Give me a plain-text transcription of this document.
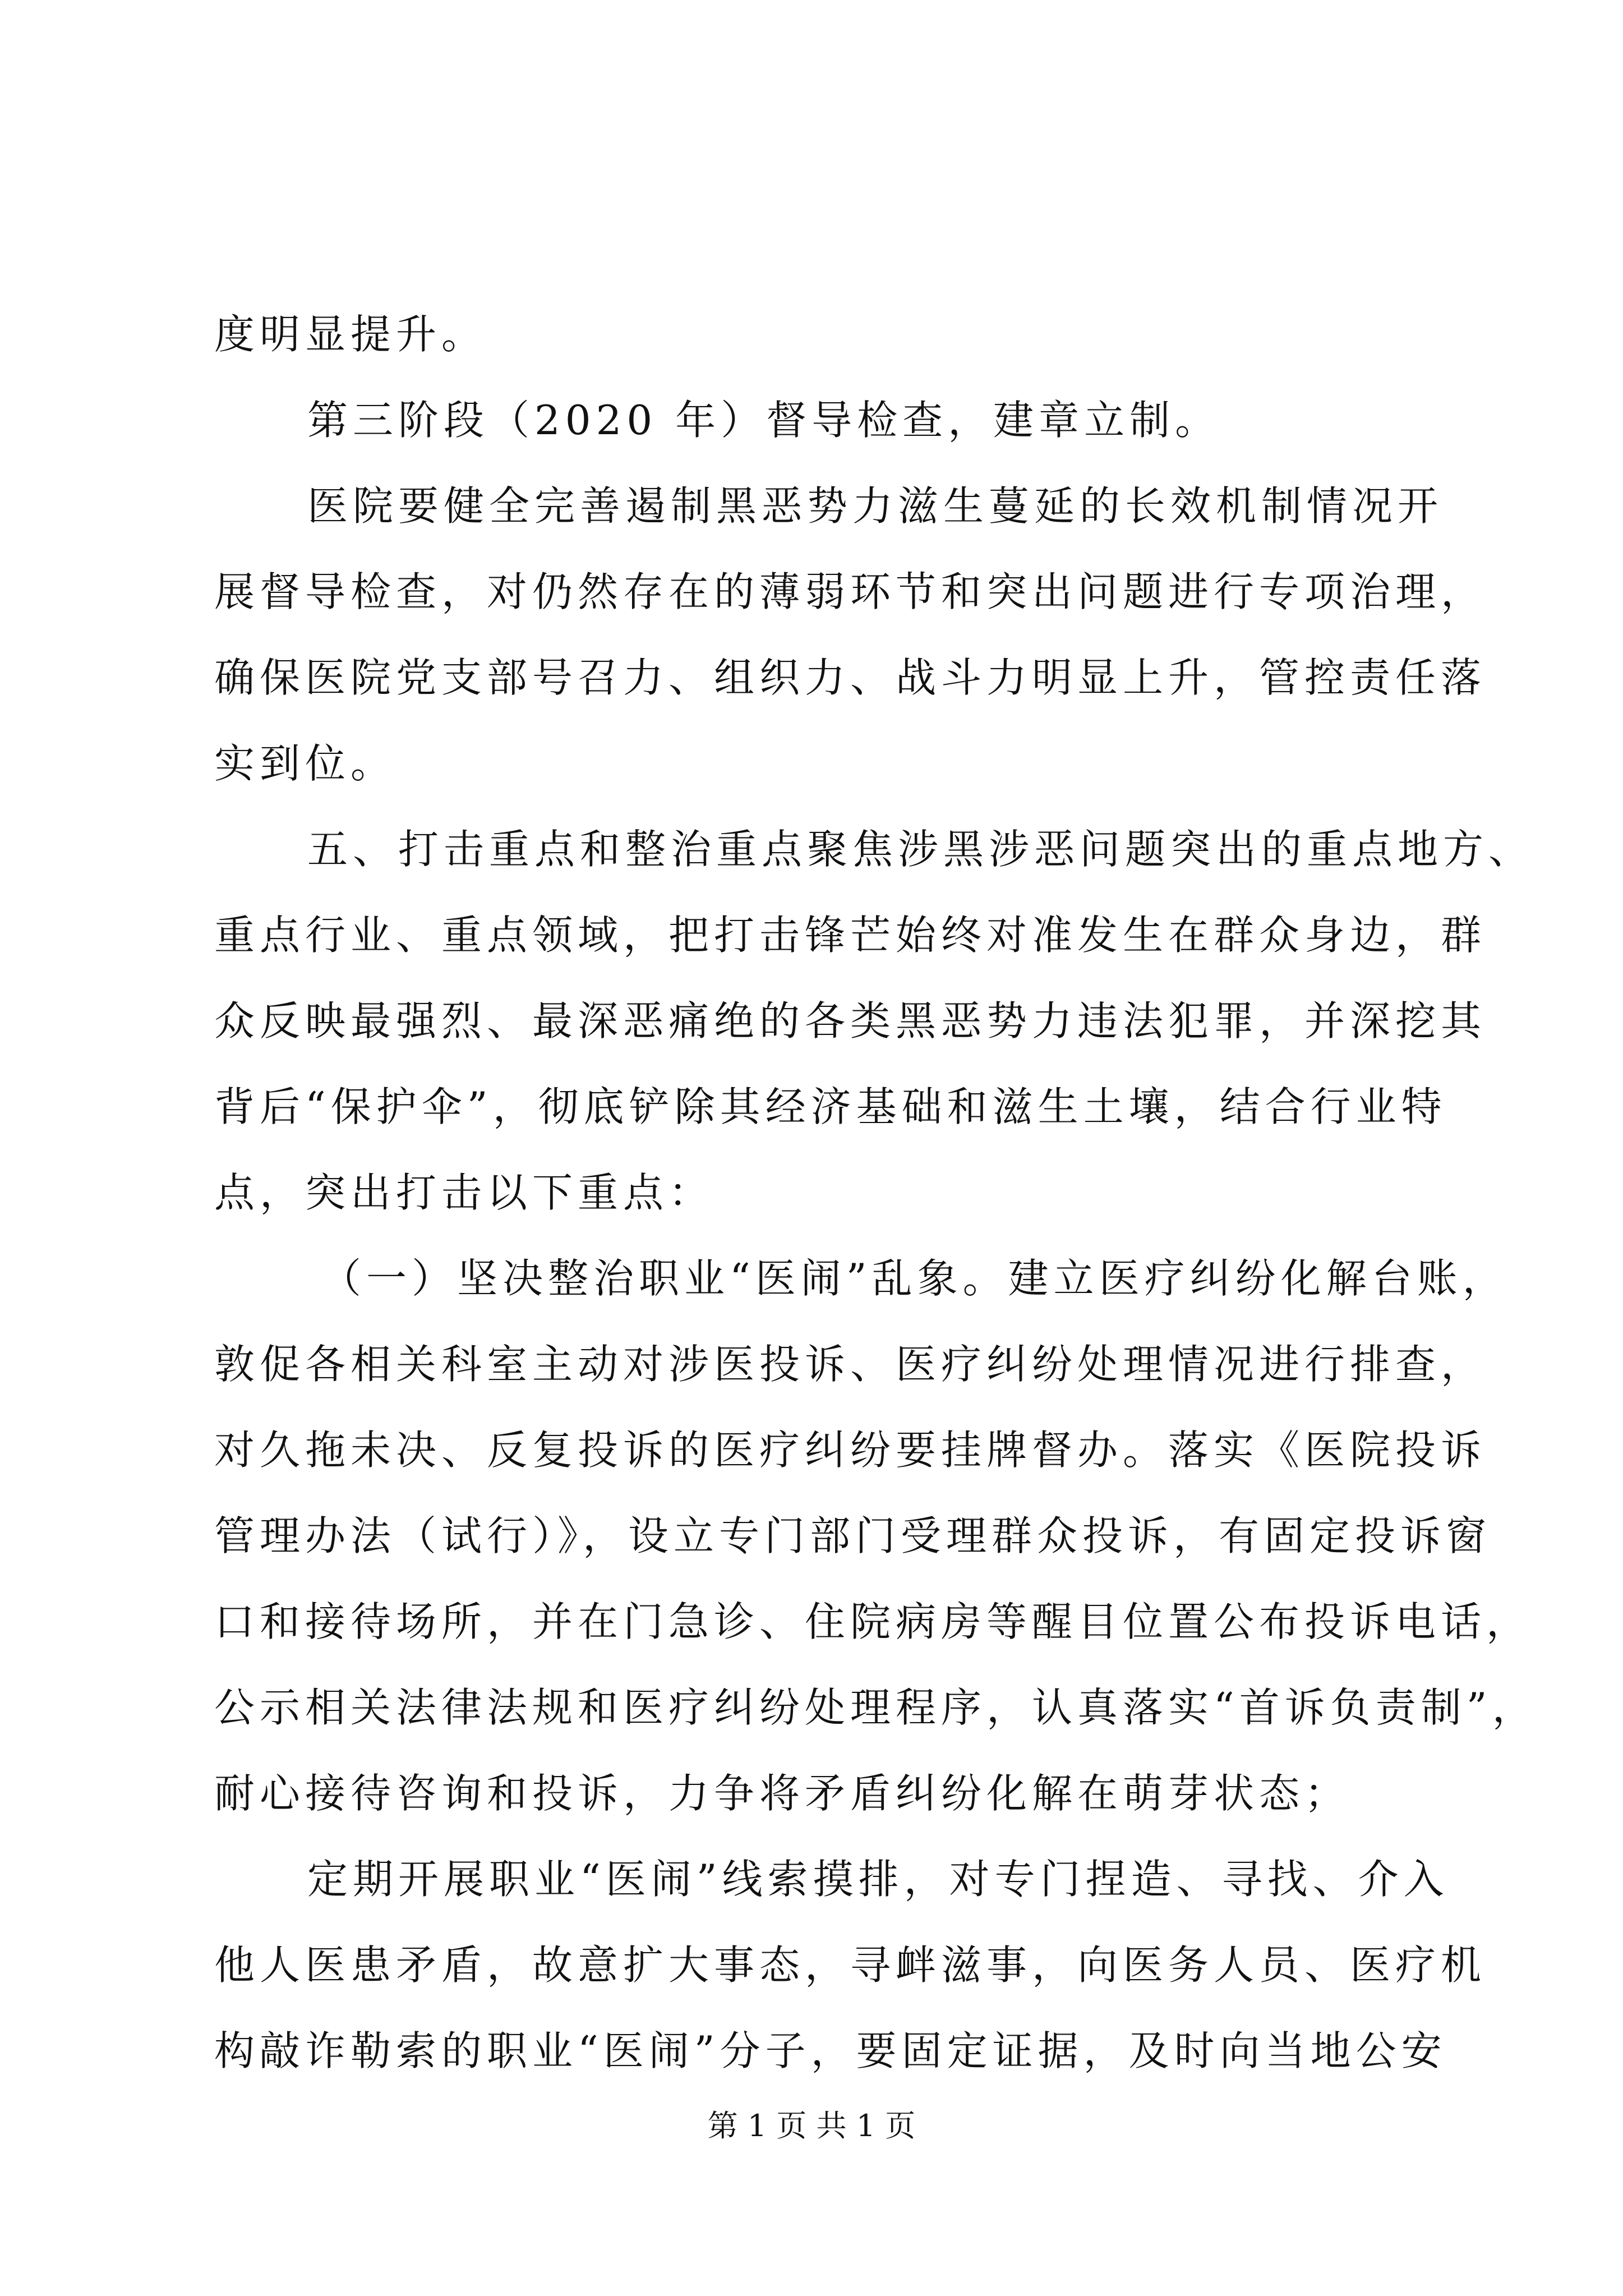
度明显提升。
第三阶段（2020 年）督导检查，建章立制。
医院要健全完善遏制黑恶势力滋生蔓延的长效机制情况开
展督导检查，对仍然存在的薄弱环节和突出问题进行专项治理，
确保医院党支部号召力、组织力、战斗力明显上升，管控责任落
实到位。
五、打击重点和整治重点聚焦涉黑涉恶问题突出的重点地方、
重点行业、重点领域，把打击锋芒始终对准发生在群众身边，群
众反映最强烈、最深恶痛绝的各类黑恶势力违法犯罪，并深挖其
背后“保护伞”，彻底铲除其经济基础和滋生土壤，结合行业特
点，突出打击以下重点：
（一）坚决整治职业“医闹”乱象。建立医疗纠纷化解台账，
敦促各相关科室主动对涉医投诉、医疗纠纷处理情况进行排查，
对久拖未决、反复投诉的医疗纠纷要挂牌督办。落实《医院投诉
管理办法（试行）》，设立专门部门受理群众投诉，有固定投诉窗
口和接待场所，并在门急诊、住院病房等醒目位置公布投诉电话，
公示相关法律法规和医疗纠纷处理程序，认真落实“首诉负责制”，
耐心接待咨询和投诉，力争将矛盾纠纷化解在萌芽状态；
定期开展职业“医闹”线索摸排，对专门捏造、寻找、介入
他人医患矛盾，故意扩大事态，寻衅滋事，向医务人员、医疗机
构敲诈勒索的职业“医闹”分子，要固定证据，及时向当地公安
第 1 页 共 1 页
